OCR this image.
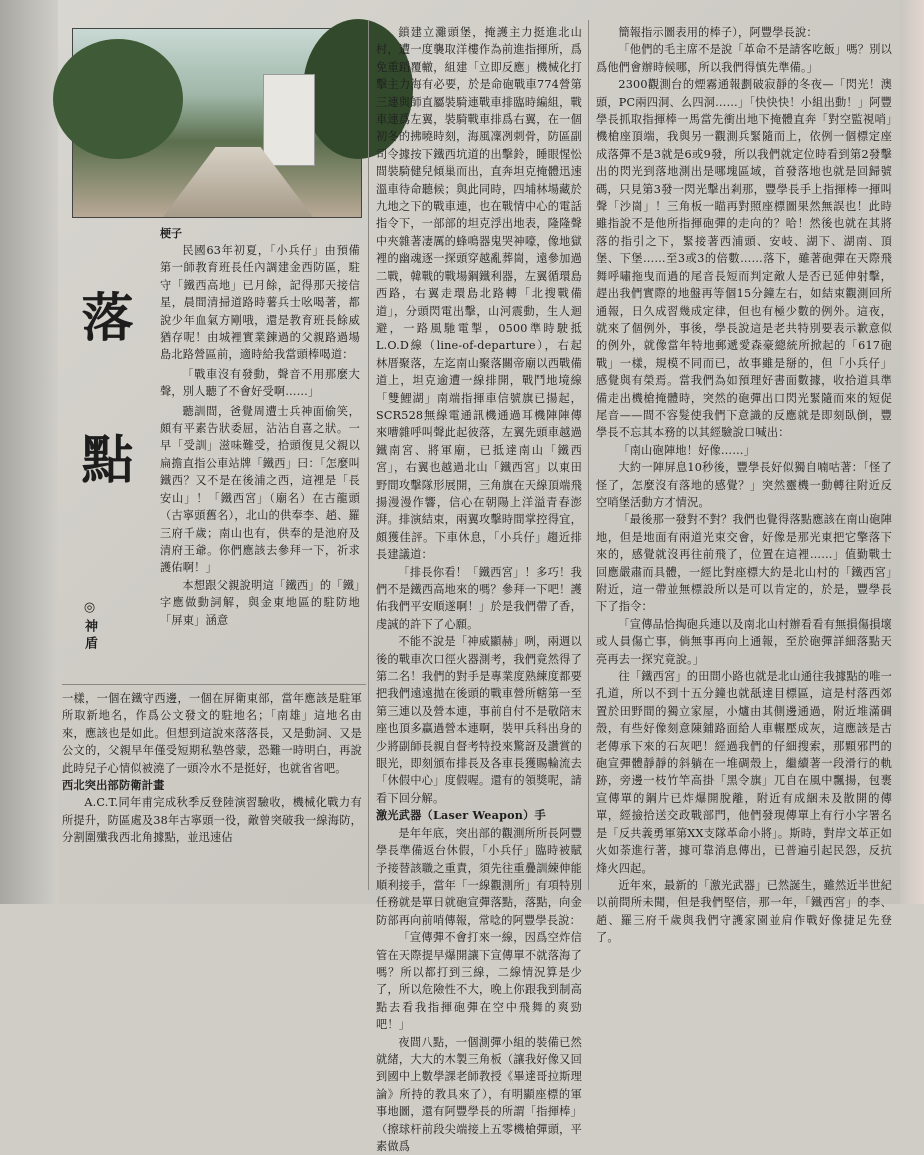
梗子
落 點
◎神盾

民國63年初夏，「小兵仔」由預備第一師教育班長任內調建金西防區，駐守「鐵西高地」已月餘，記得那天接信星，晨間清掃道路時薯兵士吆喝著，都說少年血氣方剛哦，還是教育班長餘威猶存呢！由城裡實業鍊過的父親路過場島北路營區前，適時給我當頭棒喝道：

「戰車沒有發動，聲音不用那麼大聲，別人聽了不會好受啊……」

聽訓間，爸覺周遭士兵神面偷笑，頗有平素告狀委屈，沾沾自喜之狀。一早「受訓」滋味難受，拾頭復見父親以扁擔直指公車站牌「鐵西」曰：「怎麼叫鐵西？又不是在後浦之西，這裡是「長安山」！「鐵西宮」（廟名）在古龍頭（古寧頭舊名），北山的供奉李、趙、羅三府千歲；南山也有，供奉的是池府及清府王爺。你們應該去參拜一下，祈求護佑啊！」

本想跟父親說明這「鐵西」的「鐵」字應做動詞解，與金東地區的駐防地「屏東」涵意

鎖建立灘頭堡，掩護主力挺進北山村，遭一度襲取洋樓作為前進指揮所，爲免重蹈覆轍，組建「立即反應」機械化打擊主力海有必要，於是命砲戰車774營第三連與師直屬裝騎連戰車排臨時編組，戰車連爲左翼，裝騎戰車排爲右翼，在一個初冬的拂曉時刻，海風凜冽刺骨，防區副司令據按下鐵西坑道的出擊鈴，睡眼惺忪間裝騎健兒傾巢而出，直奔坦克掩體迅速溫車待命聽候；與此同時，四埔林場藏於九地之下的戰車連，也在戰情中心的電話指令下，一部部的坦克浮出地表，隆隆聲中夾雜著凄厲的蜂鳴器鬼哭神嚎，像地獄裡的幽魂逐一探頭穿越亂葬崗，遠參加過二戰，韓戰的戰場鋼鐵利器，左翼循環島西路，右翼走環島北路轉「北搜戰備道」，分頭閃電出擊，山河震動，生人迴避，一路風馳電掣，0500準時駛抵L.O.D線（line-of-departure），右起林厝聚落，左迄南山聚落關帝廟以西戰備道上，坦克逾遭一線排開，戰鬥地境線「雙鯉湖」南端指揮車信號旗已揚起，SCR528無線電通訊機通過耳機陣陣傳來嘈雜呼叫聲此起彼落，左翼先頭車越過鐵南宮、將軍廟，已抵達南山「鐵西宮」，右翼也越過北山「鐵西宮」以東田野間攻擊隊形展開，三角旗在天線頂端飛揚漫漫作響，信心在朝陽上洋溢青春澎湃。排演結束，兩翼攻擊時間掌控得宜，頗獲佳評。下車休息，「小兵仔」趨近排長建議道：

「排長你看！「鐵西宮」！多巧！我們不是鐵西高地來的嗎？參拜一下吧！護佑我們平安順遂啊！」於是我們帶了香，虔誠的許下了心願。

不能不說是「神威顯赫」咧，兩週以後的戰車次口徑火器測考，我們竟然得了第二名！我們的對手是專業度熟練度都要把我們遠遠拋在後頭的戰車營所轄第一至第三連以及營本連，事前自付不是敬陪末座也頂多贏過營本連啊，裝甲兵科出身的少將副師長親自督考特投來驚訝及讚賞的眼光，即刻頒布排長及各車長獲賜輪流去「休假中心」度假喔。還有的領獎呢，請看下回分解。

激光武器（Laser Weapon）手

是年年底，突出部的觀測所所長阿豐學長準備返台休假，「小兵仔」臨時被賦予接替該職之重責，須先往重疊訓練伸能順利接手，當年「一線觀測所」有項特別任務就是單日就砲宣彈落點，落點，向金防部再向前哨傳報，常唸的阿豐學長說：

「宣傳彈不會打來一線，因爲空炸信管在天際提早爆開讓下宣傳單不就落海了嗎？所以都打到三線，二線情況算是少了，所以危險性不大，晚上你跟我到制高點去看我指揮砲彈在空中飛舞的爽勁吧！」

夜間八點，一個測彈小組的裝備已然就緒，大大的木製三角板（讓我好像又回到國中上數學課老師教授《畢達哥拉斯理論》所持的教具來了），有明顯座標的軍事地圖，還有阿豐學長的所謂「指揮棒」（擦球杆前段尖端接上五零機槍彈頭，平素做爲

簡報指示圖表用的棒子），阿豐學長說：

「他們的毛主席不是說「革命不是請客吃飯」嗎？別以爲他們會辦時候哪，所以我們得慎先準備。」

2300觀測台的煙霧通報劃破寂靜的冬夜—「閃光！澳頭，PC兩四洞、么四洞……」「快快快！小組出動！」阿豐學長抓取指揮棒一馬當先衝出地下掩體直奔「對空監視哨」機槍座頂端，我與另一觀測兵緊隨而上，依例一個標定座成落彈不是3就是6或9發，所以我們就定位時看到第2發擊出的閃光到落地測出是哪塊區域，首發落地也就是回歸號碼，只見第3發一閃光擊出剎那，豐學長手上指揮棒一揮叫聲「沙崗」！三角板一瞄再對照座標圖果然無誤也！此時雖指說不是他所指揮砲彈的走向的？哈！然後也就在其將落的指引之下，緊接著西浦頭、安岐、湖下、湖南、頂堡、下堡……至3或3的倍數……落下，雖著砲彈在天際飛舞呼嘯拖曳而過的尾音長短而判定敵人是否已延伸射擊，趕出我們實際的地盤再等個15分鐘左右，如結束觀測回所通報，日久成習幾成定律，但也有極少數的例外。這夜，就來了個例外，事後，學長說這是老共特別要表示歉意似的例外，就像當年特地郵遞愛森豪總統所掀起的「617砲戰」一樣，規模不同而已，故事雖是掰的，但「小兵仔」感覺與有榮焉。當我們為如預理好書面數據，收拾道具準備走出機槍掩體時，突然的砲彈出口閃光緊隨而來的短促尾音——間不容髮使我們下意識的反應就是即刻臥倒，豐學長不忘其本務的以其經驗說口喊出：

「南山砲陣地！好像……」

大約一陣屏息10秒後，豐學長好似獨自喃咕著：「怪了怪了，怎麼沒有落地的感覺？」突然靈機一動轉往附近反空哨堡活動方才情況。

「最後那一發對不對？我們也覺得落點應該在南山砲陣地，但是地面有兩道光束交會，好像是那光東把它擎落下來的，感覺就沒再往前飛了，位置在這裡……」值勤戰士回應嚴肅而具體，一經比對座標大約是北山村的「鐵西宮」附近，這一帶並無標設所以是可以肯定的，於是，豐學長下了指令：

「宣傳品恰掏砲兵連以及南北山村辦看看有無損傷損壞或人員傷亡事，倘無事再向上通報，至於砲彈詳細落點天亮再去一探究竟說。」

往「鐵西宮」的田間小路也就是北山通往我據點的唯一孔道，所以不到十五分鐘也就舐達目標區，這是村落西郊置於田野間的獨立家屋，小爐由其側邊通過，附近堆滿碉殼，有些好像刻意陳鋪路面給人車輾壓成灰，這應該是古老傳承下來的石灰吧！經過我們的仔細搜索，那顆邪門的砲宣彈體靜靜的斜躺在一堆碉殼上，繼續著一段滑行的軌跡，旁邊一枝竹竿高掛「黑令旗」兀自在風中飄揚，包裹宣傳單的鋼片已炸爆開脫離，附近有成綑未及散開的傳單，經撿拾送交政戰部門，他們發現傳單上有行小字署名是「反共義勇軍第XX支隊革命小將」。斯時，對岸文革正如火如荼進行著，據可靠消息傳出，已普遍引起民怨，反抗烽火四起。

近年來，最新的「激光武器」已然誕生，雖然近半世紀以前問所未聞，但是我們堅信，那一年，「鐵西宮」的李、趙、羅三府千歲與我們守護家園並肩作戰好像捷足先登了。

一樣，一個在鐵守西邊，一個在屏衛東部，當年應該是駐軍所取新地名，作爲公文發文的駐地名；「南雄」這地名由來，應該也是如此。但想到這說來落落長，又是動詞、又是公文的，父親早年僅受短期私塾啓蒙，恐難一時明白，再說此時兒子心情似被澆了一頭冷水不是挺好，也就省省吧。

西北突出部防衛計畫

A.C.T.同年甫完成秋季反登陸演習驗收，機械化戰力有所提升，防區處及38年古寧頭一役，敵曾突破我一線海防，分割圍殲我西北角據點，並迅速佔
